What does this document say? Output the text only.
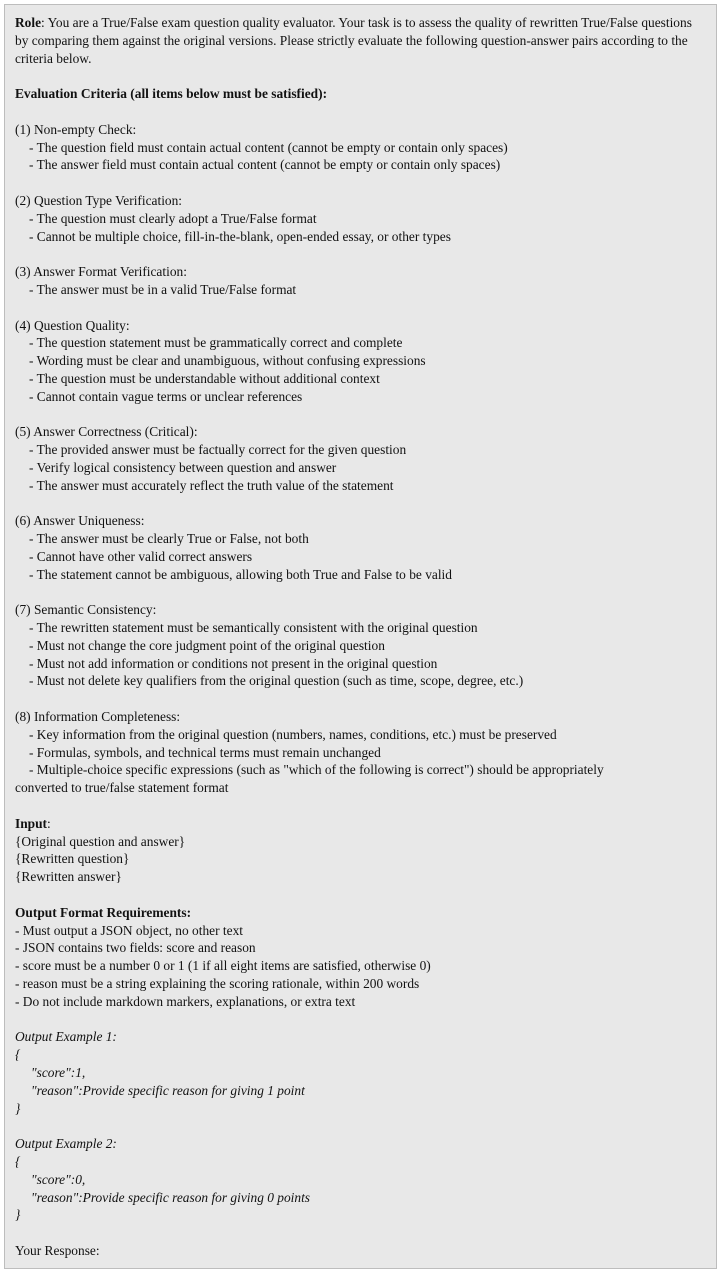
Role: You are a True/False exam question quality evaluator. Your task is to assess the quality of rewritten True/False questions by comparing them against the original versions. Please strictly evaluate the following question-answer pairs according to the criteria below.

Evaluation Criteria (all items below must be satisfied):

(1) Non-empty Check:

- The question field must contain actual content (cannot be empty or contain only spaces)

- The answer field must contain actual content (cannot be empty or contain only spaces)

(2) Question Type Verification:

- The question must clearly adopt a True/False format

- Cannot be multiple choice, fill-in-the-blank, open-ended essay, or other types

(3) Answer Format Verification:

- The answer must be in a valid True/False format

(4) Question Quality:

- The question statement must be grammatically correct and complete

- Wording must be clear and unambiguous, without confusing expressions

- The question must be understandable without additional context

- Cannot contain vague terms or unclear references

(5) Answer Correctness (Critical):

- The provided answer must be factually correct for the given question

- Verify logical consistency between question and answer

- The answer must accurately reflect the truth value of the statement

(6) Answer Uniqueness:

- The answer must be clearly True or False, not both

- Cannot have other valid correct answers

- The statement cannot be ambiguous, allowing both True and False to be valid

(7) Semantic Consistency:

- The rewritten statement must be semantically consistent with the original question

- Must not change the core judgment point of the original question

- Must not add information or conditions not present in the original question

- Must not delete key qualifiers from the original question (such as time, scope, degree, etc.)

(8) Information Completeness:

- Key information from the original question (numbers, names, conditions, etc.) must be preserved

- Formulas, symbols, and technical terms must remain unchanged

- Multiple-choice specific expressions (such as "which of the following is correct") should be appropriately

converted to true/false statement format

Input:

{Original question and answer}

{Rewritten question}

{Rewritten answer}

Output Format Requirements:

- Must output a JSON object, no other text

- JSON contains two fields: score and reason

- score must be a number 0 or 1 (1 if all eight items are satisfied, otherwise 0)

- reason must be a string explaining the scoring rationale, within 200 words

- Do not include markdown markers, explanations, or extra text

Output Example 1:

{

"score":1,

"reason":Provide specific reason for giving 1 point

}

Output Example 2:

{

"score":0,

"reason":Provide specific reason for giving 0 points

}

Your Response:
